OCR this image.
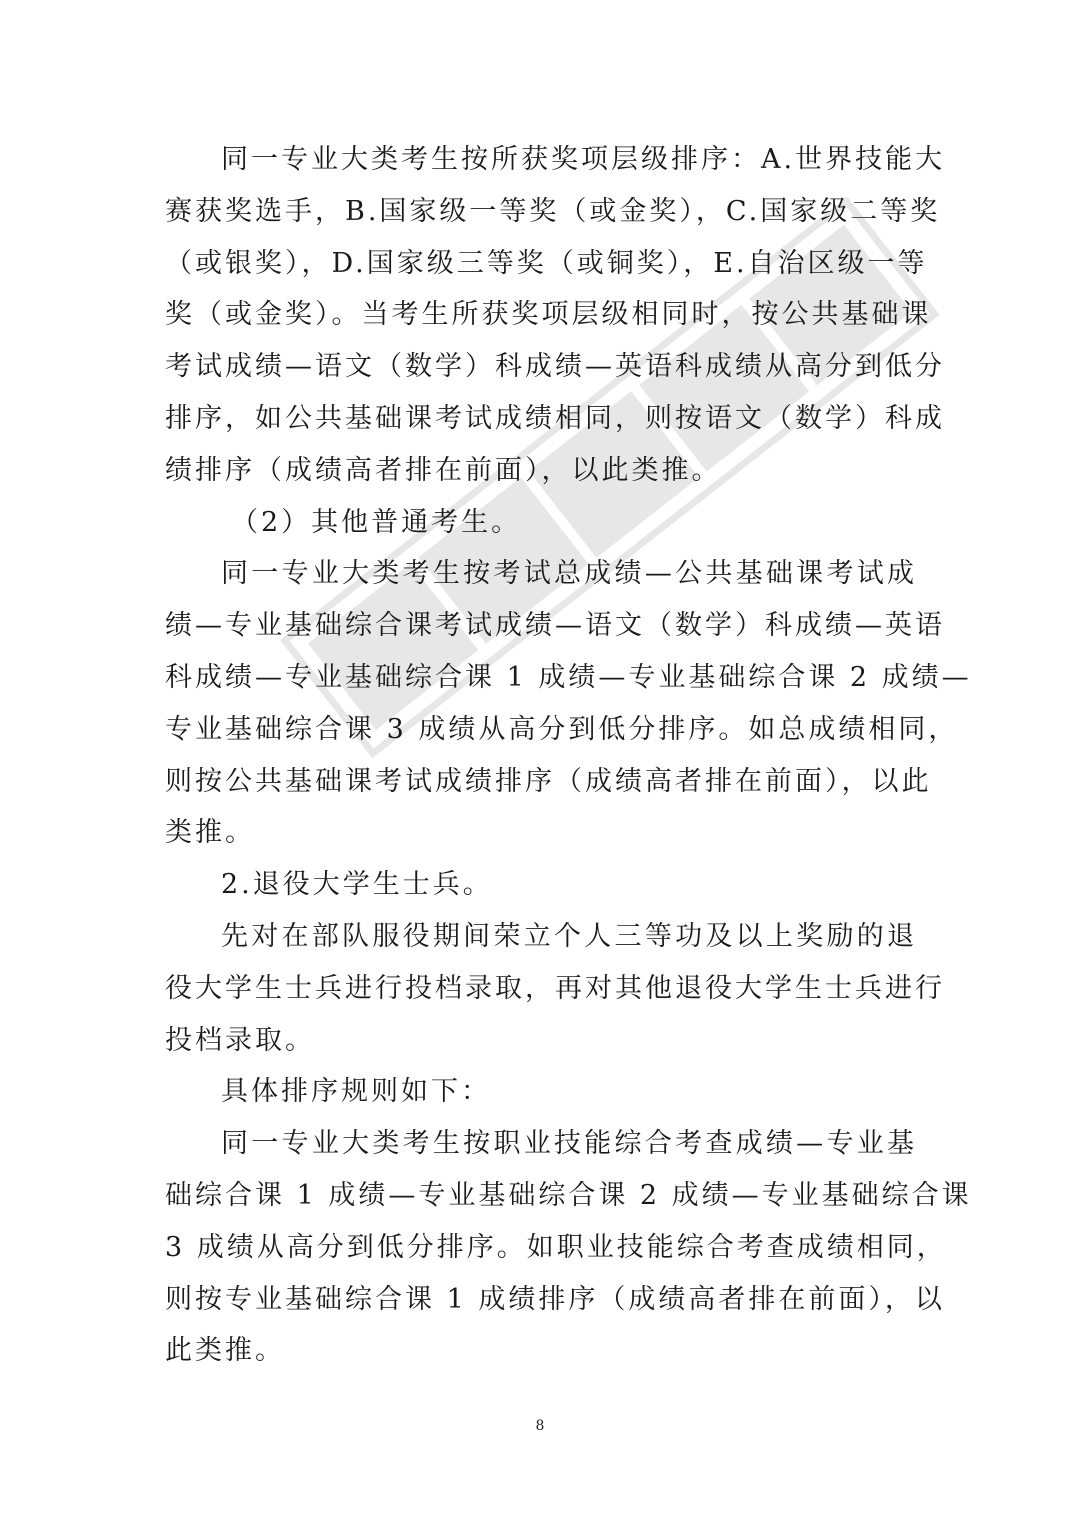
同一专业大类考生按所获奖项层级排序：A.世界技能大
赛获奖选手，B.国家级一等奖（或金奖），C.国家级二等奖
（或银奖），D.国家级三等奖（或铜奖），E.自治区级一等
奖（或金奖）。当考生所获奖项层级相同时，按公共基础课
考试成绩—语文（数学）科成绩—英语科成绩从高分到低分
排序，如公共基础课考试成绩相同，则按语文（数学）科成
绩排序（成绩高者排在前面），以此类推。
（2）其他普通考生。
同一专业大类考生按考试总成绩—公共基础课考试成
绩—专业基础综合课考试成绩—语文（数学）科成绩—英语
科成绩—专业基础综合课 1 成绩—专业基础综合课 2 成绩—
专业基础综合课 3 成绩从高分到低分排序。如总成绩相同，
则按公共基础课考试成绩排序（成绩高者排在前面），以此
类推。
2.退役大学生士兵。
先对在部队服役期间荣立个人三等功及以上奖励的退
役大学生士兵进行投档录取，再对其他退役大学生士兵进行
投档录取。
具体排序规则如下：
同一专业大类考生按职业技能综合考查成绩—专业基
础综合课 1 成绩—专业基础综合课 2 成绩—专业基础综合课
3 成绩从高分到低分排序。如职业技能综合考查成绩相同，
则按专业基础综合课 1 成绩排序（成绩高者排在前面），以
此类推。
8
